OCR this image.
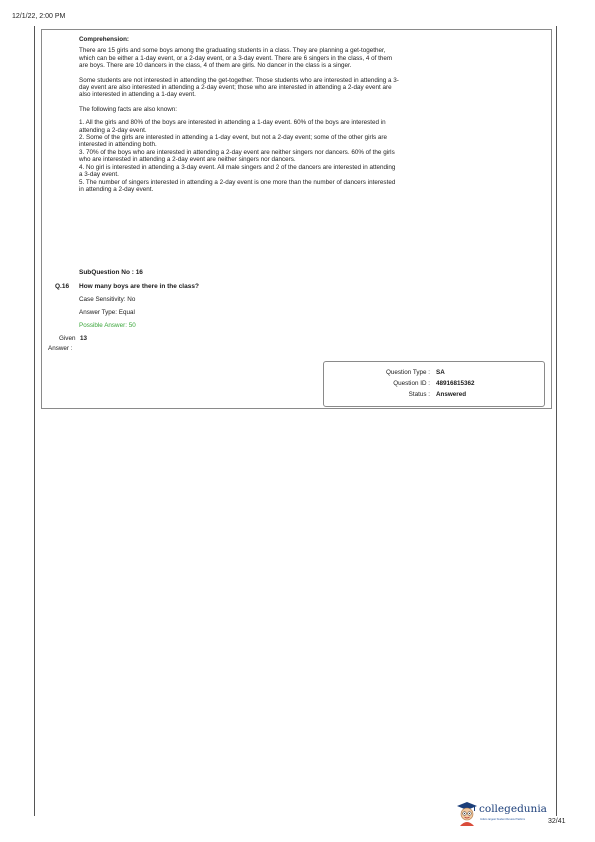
12/1/22, 2:00 PM
Comprehension:

There are 15 girls and some boys among the graduating students in a class. They are planning a get-together, which can be either a 1-day event, or a 2-day event, or a 3-day event. There are 6 singers in the class, 4 of them are boys. There are 10 dancers in the class, 4 of them are girls. No dancer in the class is a singer.

Some students are not interested in attending the get-together. Those students who are interested in attending a 3-day event are also interested in attending a 2-day event; those who are interested in attending a 2-day event are also interested in attending a 1-day event.

The following facts are also known:

1. All the girls and 80% of the boys are interested in attending a 1-day event. 60% of the boys are interested in attending a 2-day event.

2. Some of the girls are interested in attending a 1-day event, but not a 2-day event; some of the other girls are interested in attending both.

3. 70% of the boys who are interested in attending a 2-day event are neither singers nor dancers. 60% of the girls who are interested in attending a 2-day event are neither singers nor dancers.

4. No girl is interested in attending a 3-day event. All male singers and 2 of the dancers are interested in attending a 3-day event.

5. The number of singers interested in attending a 2-day event is one more than the number of dancers interested in attending a 2-day event.

SubQuestion No : 16
Q.16 How many boys are there in the class?
Case Sensitivity: No
Answer Type: Equal
Possible Answer: 50
Given 13
Answer :
Question Type : SA
Question ID : 48916815362
Status : Answered
collegedunia
India's largest Student Review Platform	32/41
